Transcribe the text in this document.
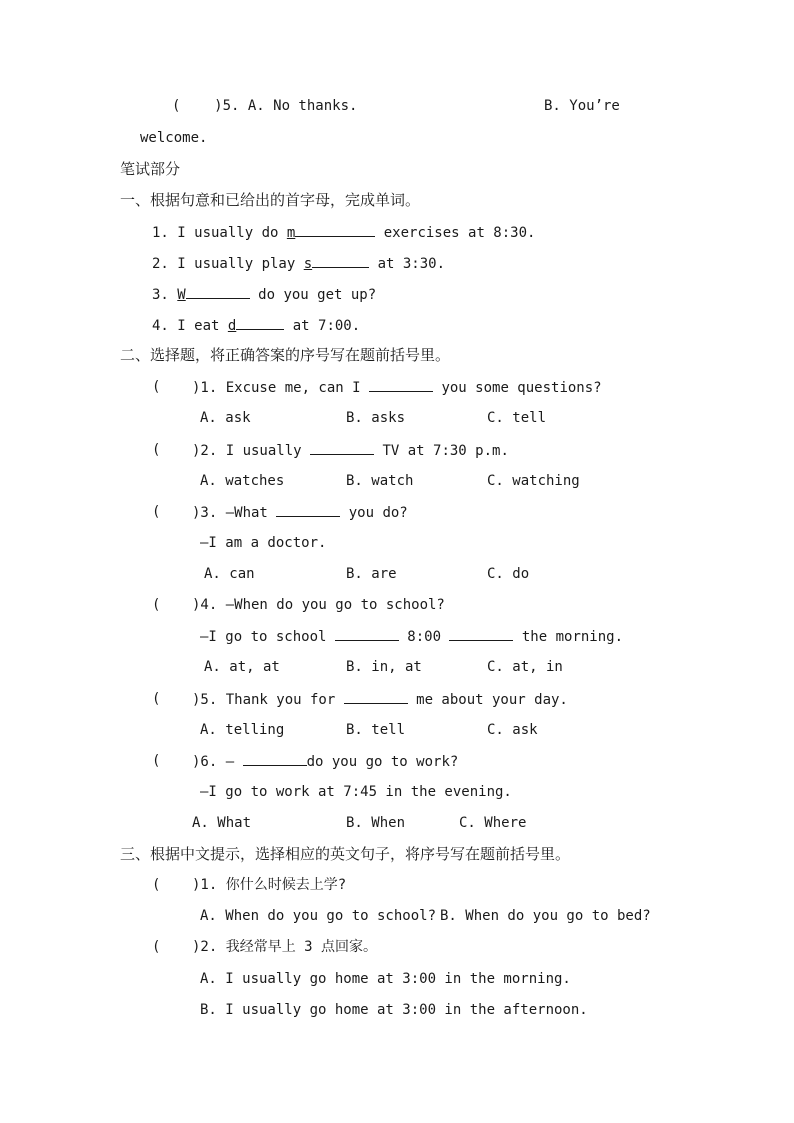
(    )5. A. No thanks.	B. You’re
welcome.
笔试部分
一、根据句意和已给出的首字母，完成单词。
1. I usually do m	exercises at 8:30.
2. I usually play s	at 3:30.
3. W	do you get up?
4. I eat d	at 7:00.
二、选择题，将正确答案的序号写在题前括号里。
( )1. Excuse me, can I	you some questions?
A. ask	B. asks	C. tell
( )2. I usually	TV at 7:30 p.m.
A. watches	B. watch	C. watching
( )3. —What	you do?
—I am a doctor.
A. can	B. are	C. do
( )4. —When do you go to school?
—I go to school	8:00	the morning.
A. at, at	B. in, at	C. at, in
( )5. Thank you for	me about your day.
A. telling	B. tell	C. ask
( )6. —	do you go to work?
—I go to work at 7:45 in the evening.
A. What	B. When	C. Where
三、根据中文提示，选择相应的英文句子，将序号写在题前括号里。
( )1. 你什么时候去上学?
A. When do you go to school? B. When do you go to bed?
( )2. 我经常早上 3 点回家。
A. I usually go home at 3:00 in the morning.
B. I usually go home at 3:00 in the afternoon.
